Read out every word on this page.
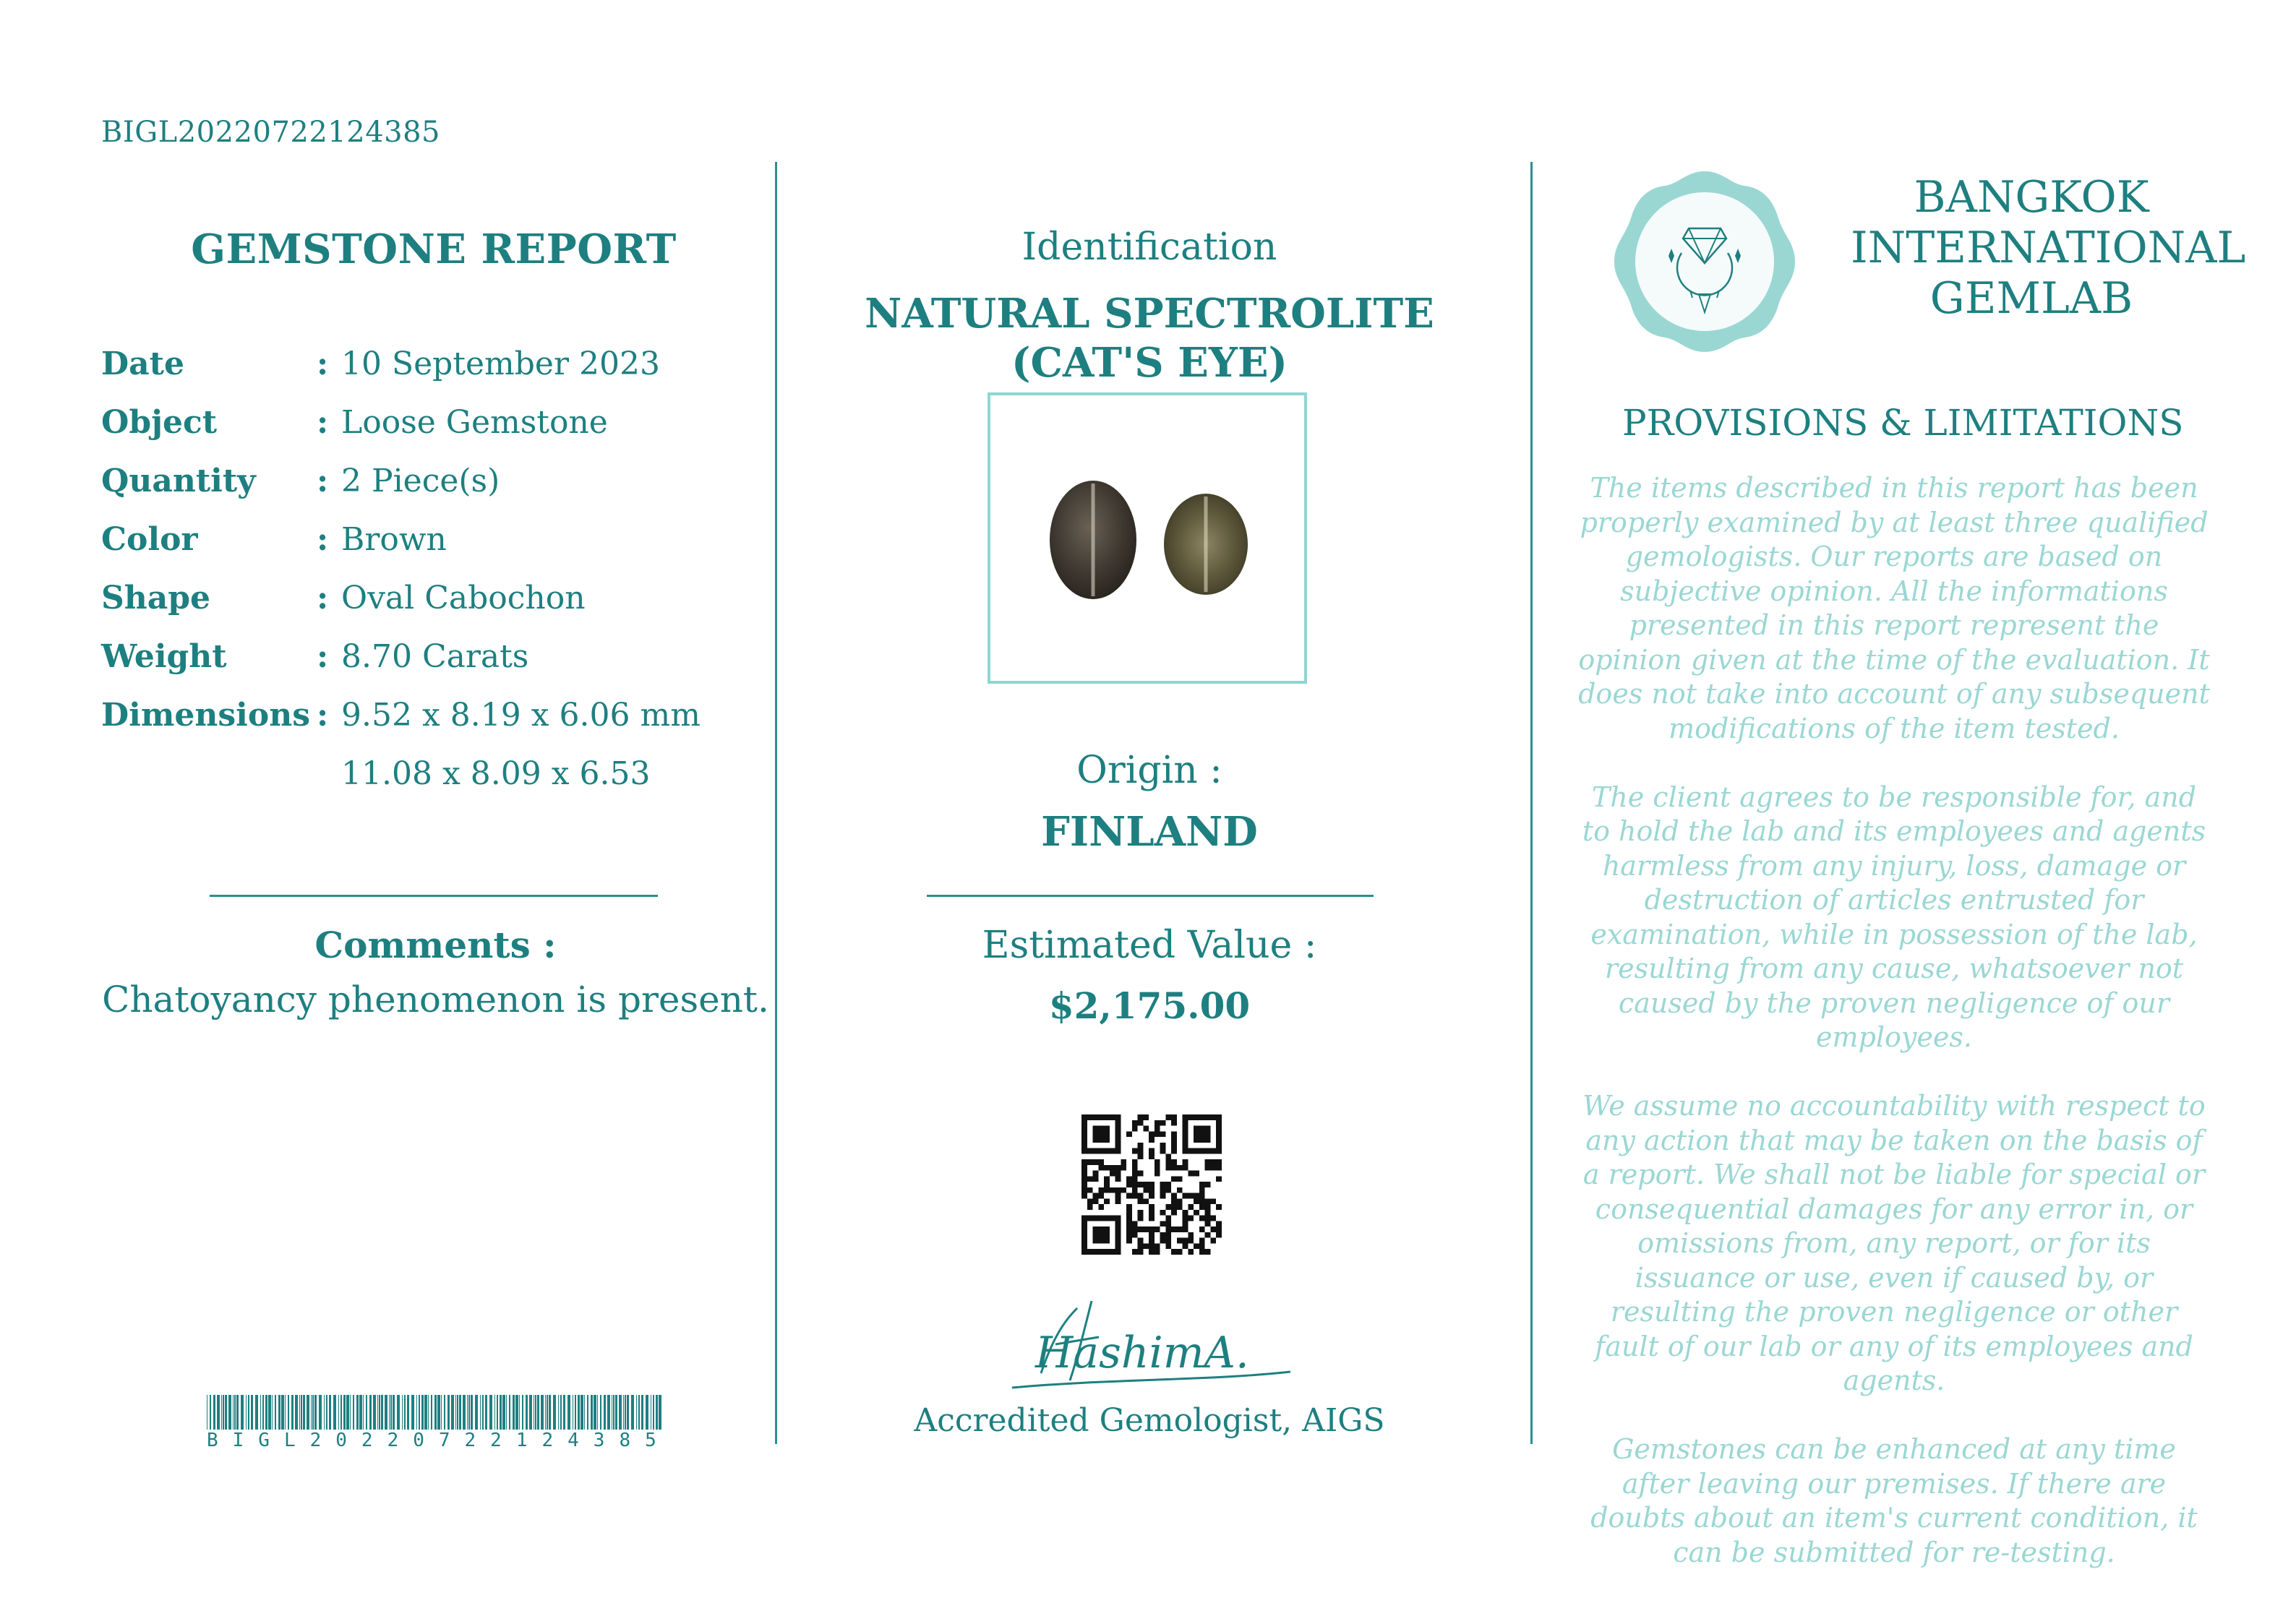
BIGL20220722124385
GEMSTONE REPORT
Date	: 10 September 2023
Object	: Loose Gemstone
Quantity : 2 Piece(s)
Color	: Brown
Shape	: Oval Cabochon
Weight	: 8.70 Carats
Dimensions : 9.52 x 8.19 x 6.06 mm
11.08 x 8.09 x 6.53
Comments :
Chatoyancy phenomenon is present.
BIGL20220722124385
Identification
NATURAL SPECTROLITE
(CAT'S EYE)
Origin :
FINLAND
Estimated Value :
$2,175.00
HashimA.
Accredited Gemologist, AIGS
BANGKOK
INTERNATIONAL
GEMLAB
PROVISIONS & LIMITATIONS

The items described in this report has been properly examined by at least three qualified gemologists. Our reports are based on subjective opinion. All the informations presented in this report represent the opinion given at the time of the evaluation. It does not take into account of any subsequent modifications of the item tested.

The client agrees to be responsible for, and to hold the lab and its employees and agents harmless from any injury, loss, damage or destruction of articles entrusted for examination, while in possession of the lab, resulting from any cause, whatsoever not caused by the proven negligence of our employees.

We assume no accountability with respect to any action that may be taken on the basis of a report. We shall not be liable for special or consequential damages for any error in, or omissions from, any report, or for its issuance or use, even if caused by, or resulting the proven negligence or other fault of our lab or any of its employees and agents.

Gemstones can be enhanced at any time after leaving our premises. If there are doubts about an item's current condition, it can be submitted for re-testing.
